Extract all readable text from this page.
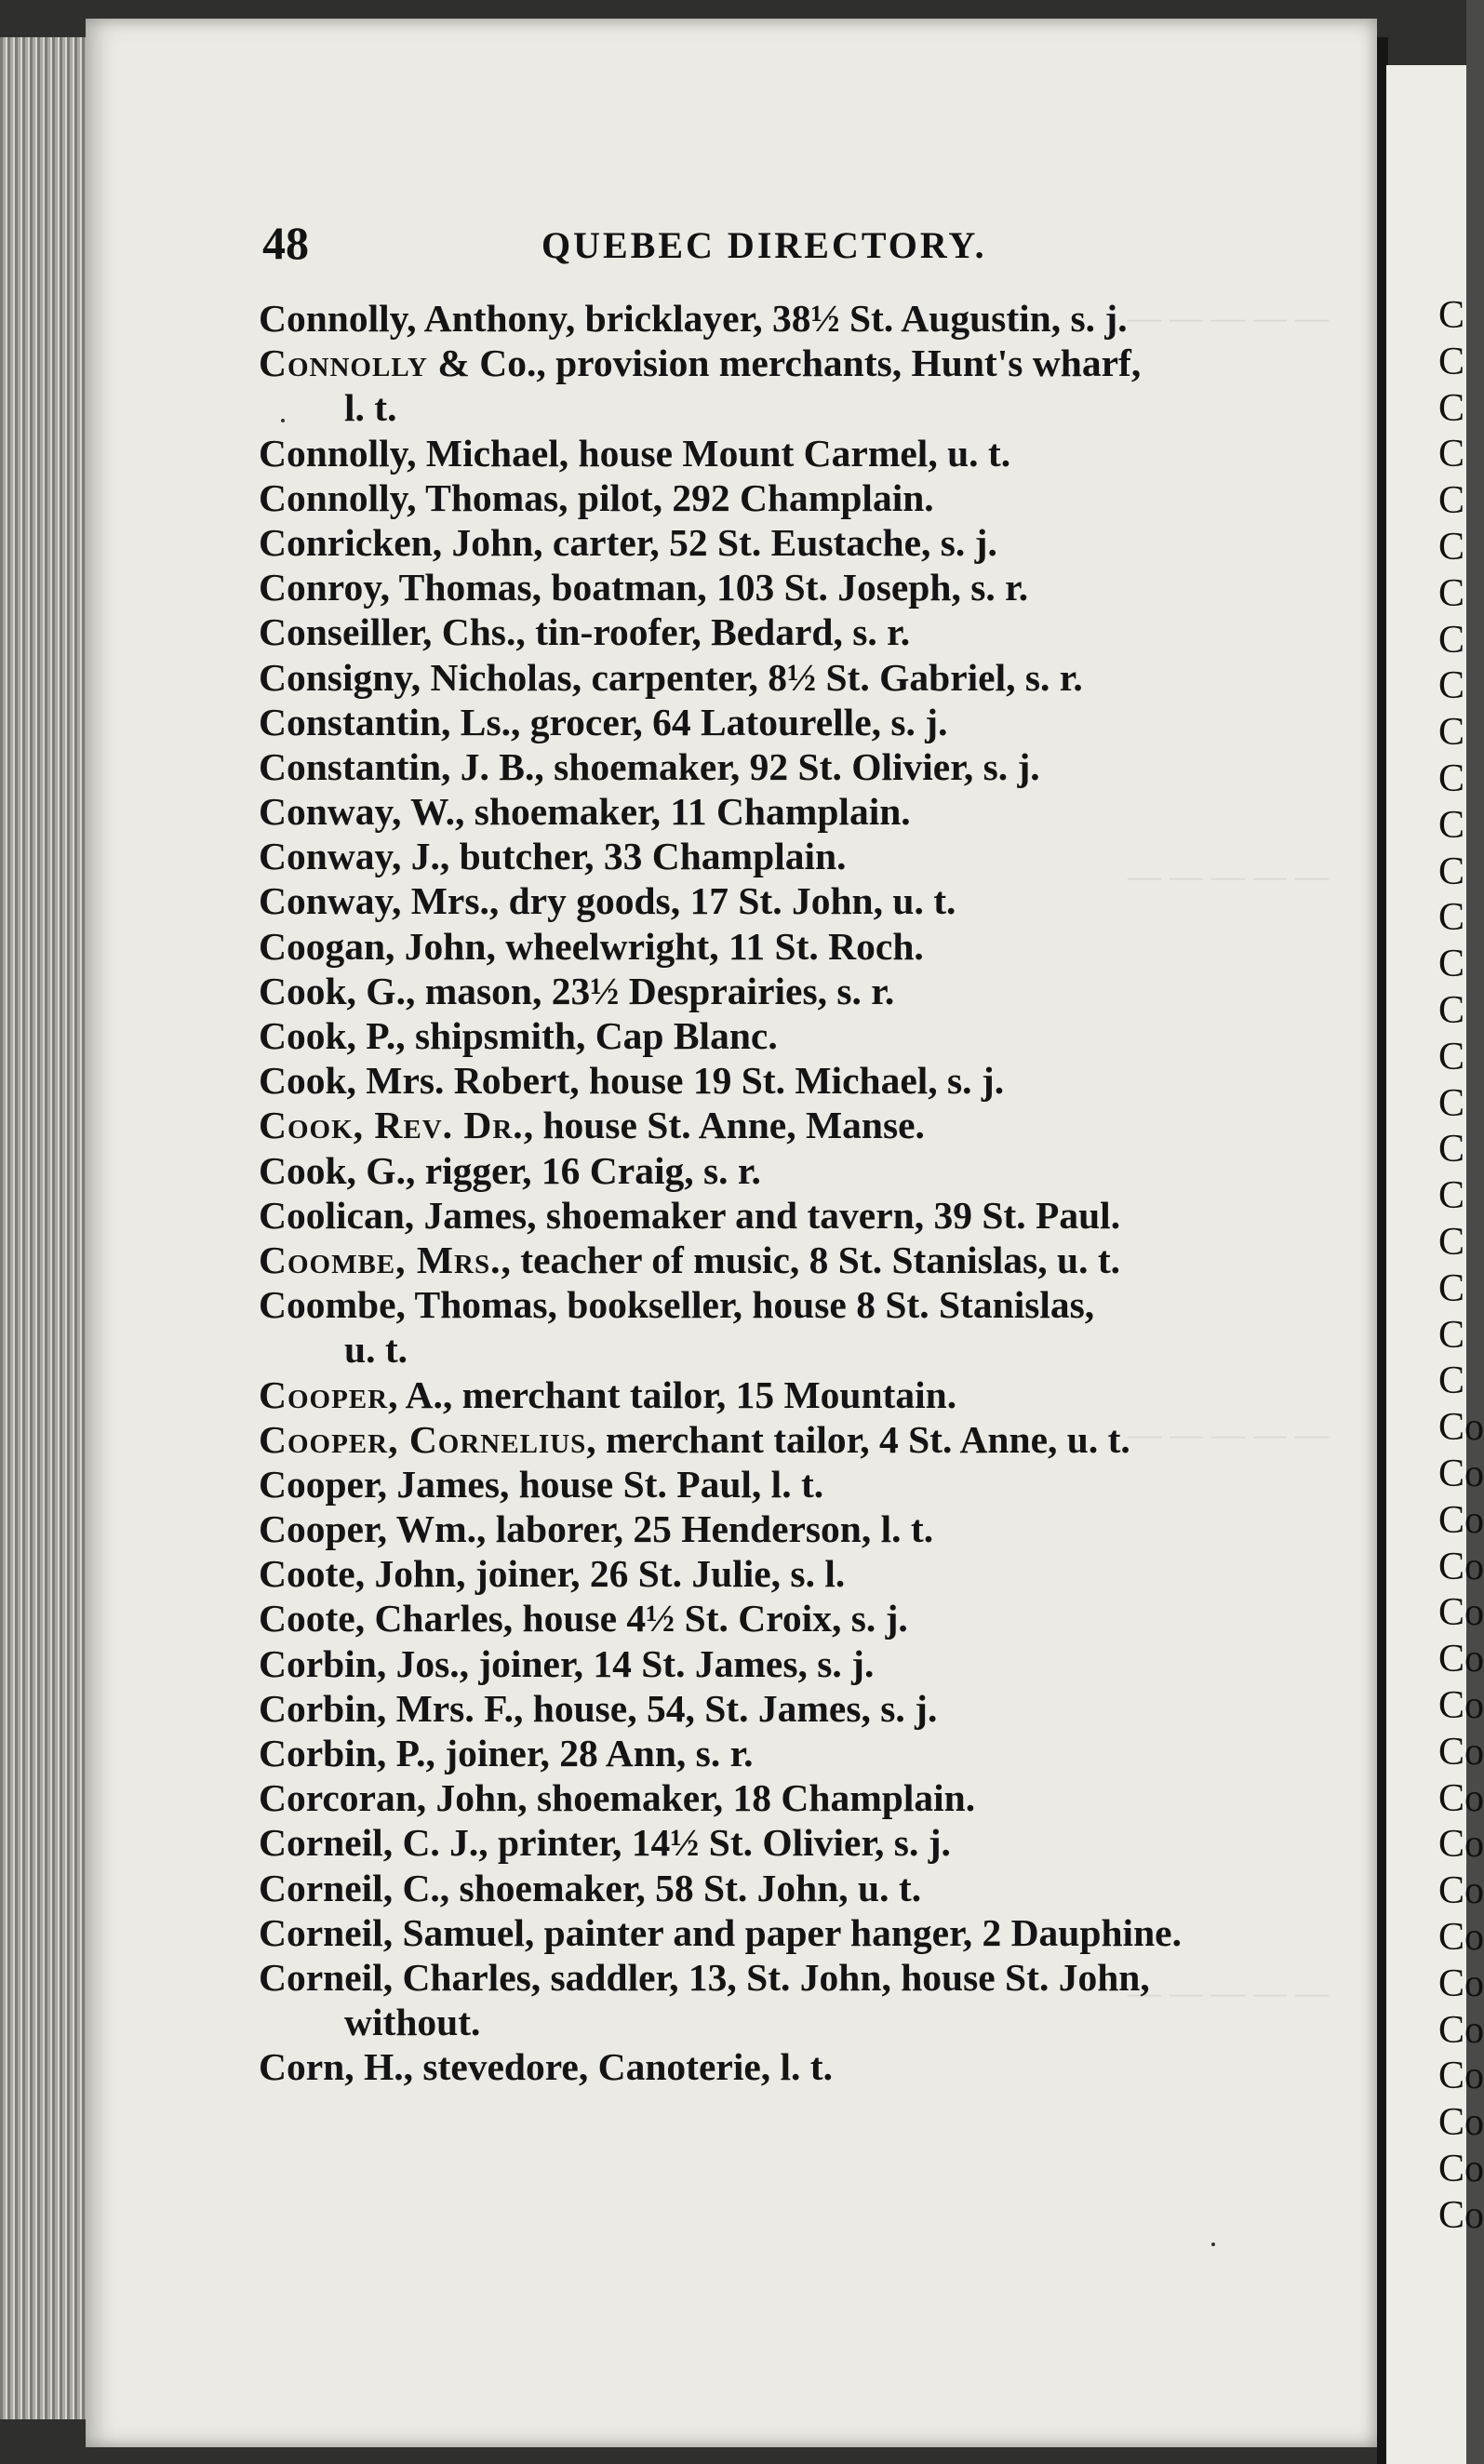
— — — — —
— — — — —
— — — — —
— — — — —
48	QUEBEC DIRECTORY.
Connolly, Anthony, bricklayer, 38½ St. Augustin, s. j.
Connolly & Co., provision merchants, Hunt's wharf,
l. t.
Connolly, Michael, house Mount Carmel, u. t.
Connolly, Thomas, pilot, 292 Champlain.
Conricken, John, carter, 52 St. Eustache, s. j.
Conroy, Thomas, boatman, 103 St. Joseph, s. r.
Conseiller, Chs., tin-roofer, Bedard, s. r.
Consigny, Nicholas, carpenter, 8½ St. Gabriel, s. r.
Constantin, Ls., grocer, 64 Latourelle, s. j.
Constantin, J. B., shoemaker, 92 St. Olivier, s. j.
Conway, W., shoemaker, 11 Champlain.
Conway, J., butcher, 33 Champlain.
Conway, Mrs., dry goods, 17 St. John, u. t.
Coogan, John, wheelwright, 11 St. Roch.
Cook, G., mason, 23½ Desprairies, s. r.
Cook, P., shipsmith, Cap Blanc.
Cook, Mrs. Robert, house 19 St. Michael, s. j.
Cook, Rev. Dr., house St. Anne, Manse.
Cook, G., rigger, 16 Craig, s. r.
Coolican, James, shoemaker and tavern, 39 St. Paul.
Coombe, Mrs., teacher of music, 8 St. Stanislas, u. t.
Coombe, Thomas, bookseller, house 8 St. Stanislas,
u. t.
Cooper, A., merchant tailor, 15 Mountain.
Cooper, Cornelius, merchant tailor, 4 St. Anne, u. t.
Cooper, James, house St. Paul, l. t.
Cooper, Wm., laborer, 25 Henderson, l. t.
Coote, John, joiner, 26 St. Julie, s. l.
Coote, Charles, house 4½ St. Croix, s. j.
Corbin, Jos., joiner, 14 St. James, s. j.
Corbin, Mrs. F., house, 54, St. James, s. j.
Corbin, P., joiner, 28 Ann, s. r.
Corcoran, John, shoemaker, 18 Champlain.
Corneil, C. J., printer, 14½ St. Olivier, s. j.
Corneil, C., shoemaker, 58 St. John, u. t.
Corneil, Samuel, painter and paper hanger, 2 Dauphine.
Corneil, Charles, saddler, 13, St. John, house St. John,
without.
Corn, H., stevedore, Canoterie, l. t.
C
C
C
C
C
C
C
C
C
C
C
C
C
C
C
C
C
C
C
C
C
C
C
C
Co
Co
Co
Co
Co
Co
Co
Co
Co
Co
Co
Co
Co
Co
Co
Co
Co
Co
